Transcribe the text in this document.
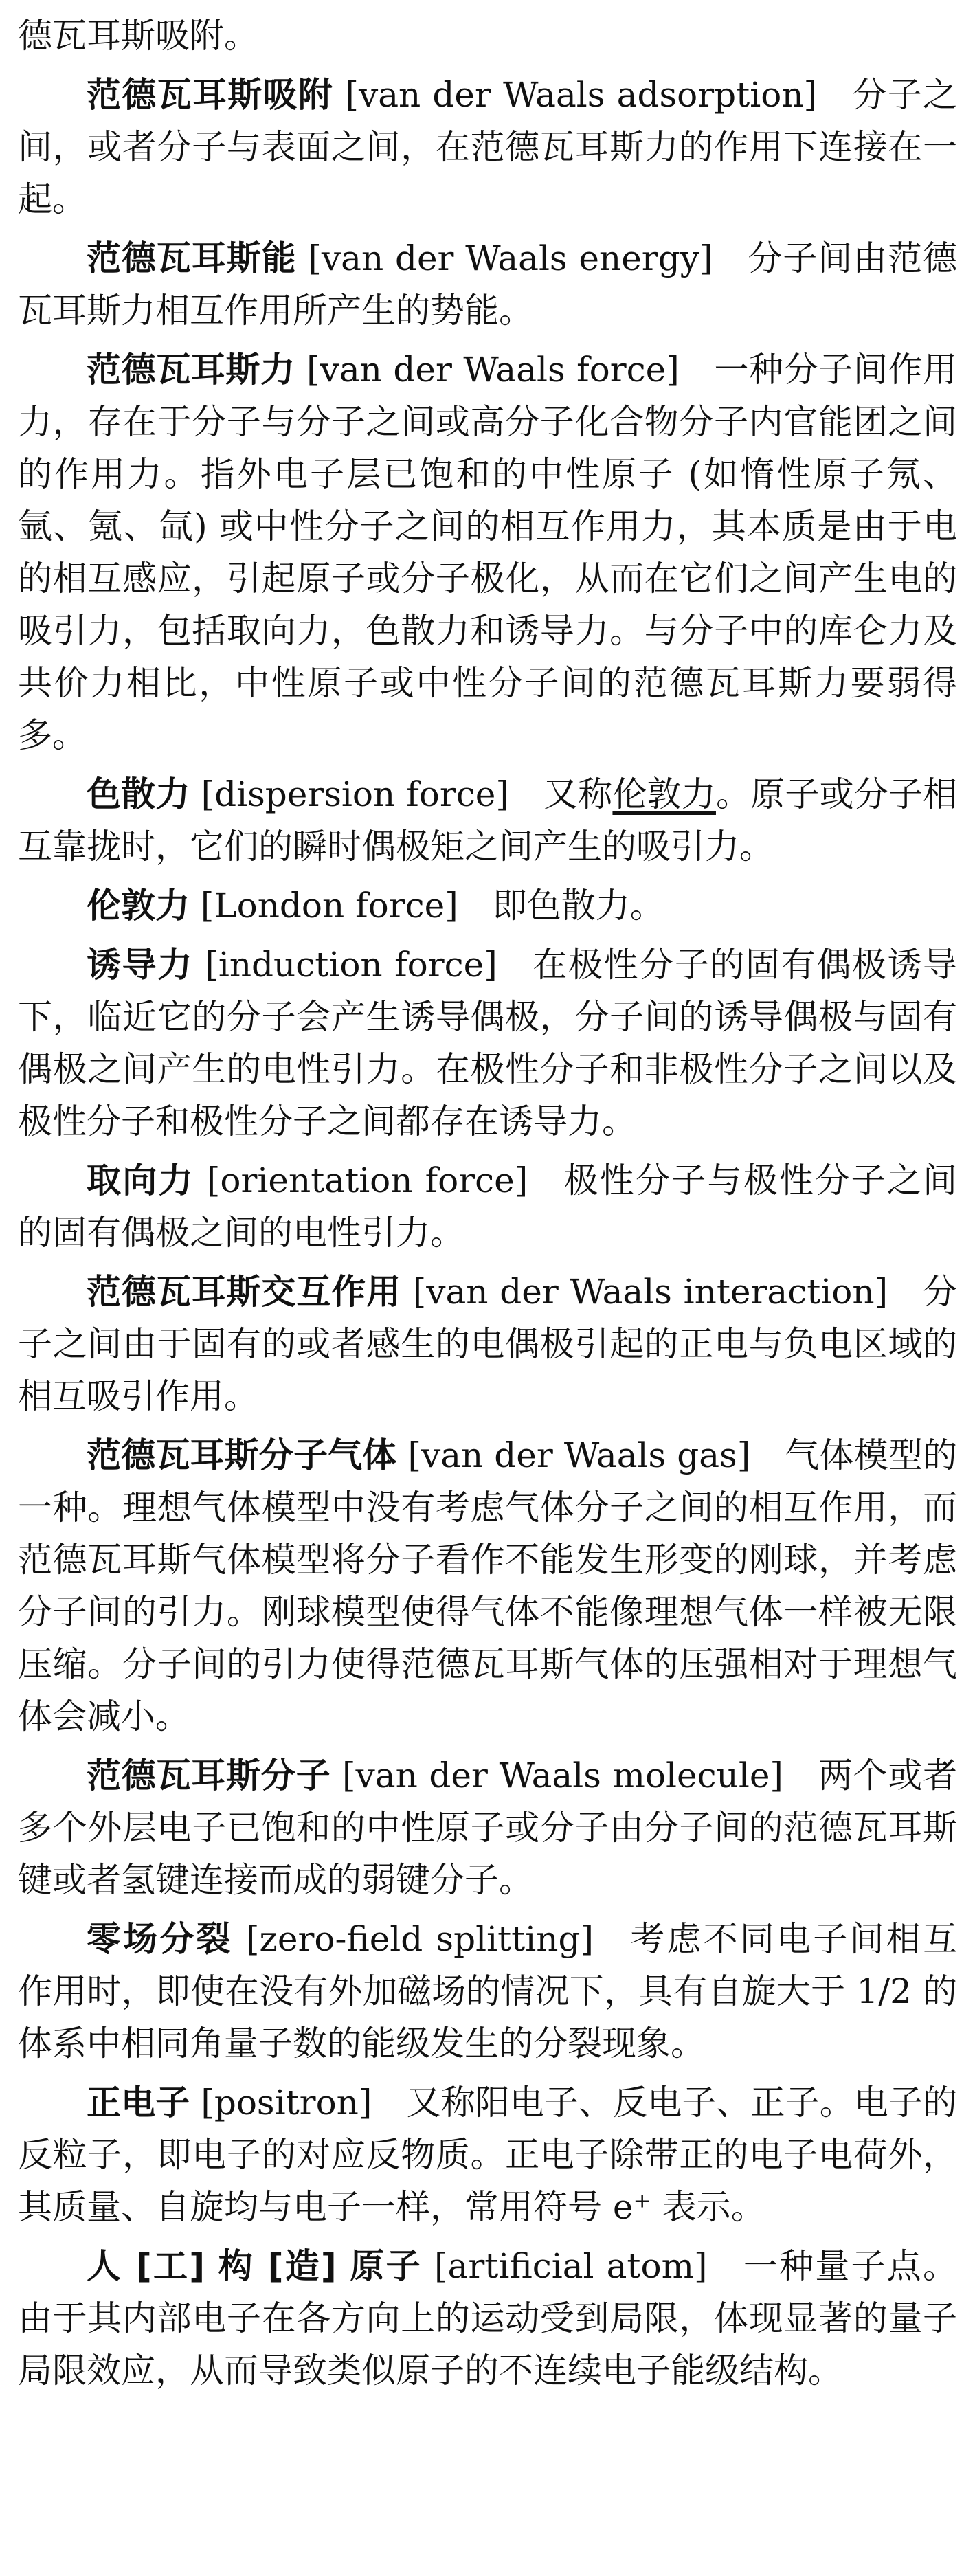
德瓦耳斯吸附。

范德瓦耳斯吸附 [van der Waals adsorption] 分子之间，或者分子与表面之间，在范德瓦耳斯力的作用下连接在一起。

范德瓦耳斯能 [van der Waals energy] 分子间由范德瓦耳斯力相互作用所产生的势能。

范德瓦耳斯力 [van der Waals force] 一种分子间作用力，存在于分子与分子之间或高分子化合物分子内官能团之间的作用力。指外电子层已饱和的中性原子 (如惰性原子氖、氩、氪、氙) 或中性分子之间的相互作用力，其本质是由于电的相互感应，引起原子或分子极化，从而在它们之间产生电的吸引力，包括取向力，色散力和诱导力。与分子中的库仑力及共价力相比，中性原子或中性分子间的范德瓦耳斯力要弱得多。

色散力 [dispersion force] 又称伦敦力。原子或分子相互靠拢时，它们的瞬时偶极矩之间产生的吸引力。

伦敦力 [London force] 即色散力。

诱导力 [induction force] 在极性分子的固有偶极诱导下，临近它的分子会产生诱导偶极，分子间的诱导偶极与固有偶极之间产生的电性引力。在极性分子和非极性分子之间以及极性分子和极性分子之间都存在诱导力。

取向力 [orientation force] 极性分子与极性分子之间的固有偶极之间的电性引力。

范德瓦耳斯交互作用 [van der Waals interaction] 分子之间由于固有的或者感生的电偶极引起的正电与负电区域的相互吸引作用。

范德瓦耳斯分子气体 [van der Waals gas] 气体模型的一种。理想气体模型中没有考虑气体分子之间的相互作用，而范德瓦耳斯气体模型将分子看作不能发生形变的刚球，并考虑分子间的引力。刚球模型使得气体不能像理想气体一样被无限压缩。分子间的引力使得范德瓦耳斯气体的压强相对于理想气体会减小。

范德瓦耳斯分子 [van der Waals molecule] 两个或者多个外层电子已饱和的中性原子或分子由分子间的范德瓦耳斯键或者氢键连接而成的弱键分子。

零场分裂 [zero-field splitting] 考虑不同电子间相互作用时，即使在没有外加磁场的情况下，具有自旋大于 1/2 的体系中相同角量子数的能级发生的分裂现象。

正电子 [positron] 又称阳电子、反电子、正子。电子的反粒子，即电子的对应反物质。正电子除带正的电子电荷外，其质量、自旋均与电子一样，常用符号 e⁺ 表示。

人 [工] 构 [造] 原子 [artificial atom] 一种量子点。由于其内部电子在各方向上的运动受到局限，体现显著的量子局限效应，从而导致类似原子的不连续电子能级结构。
